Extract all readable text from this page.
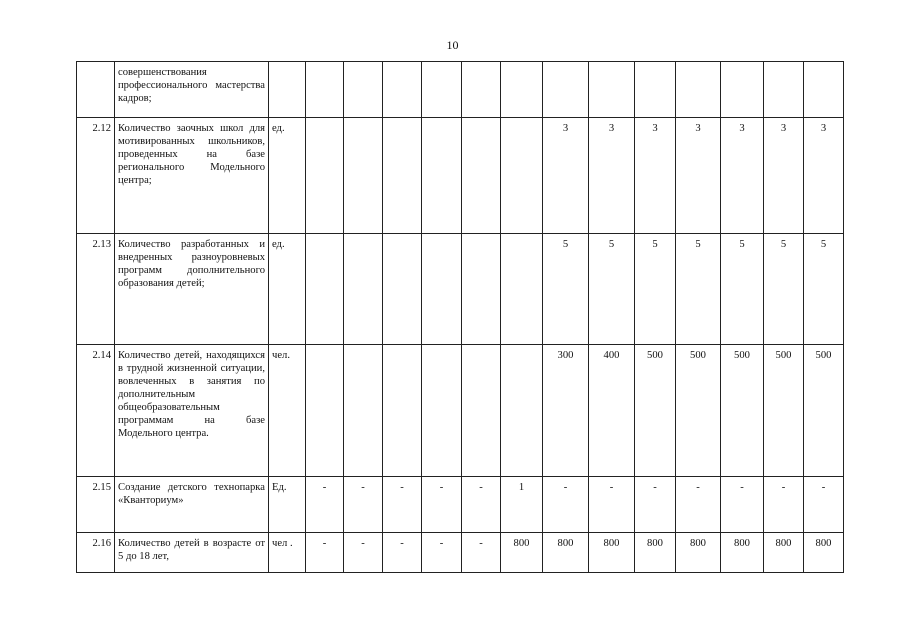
10
	совершенствования профессионального мастерства кадров;														
2.12	Количество заочных школ для мотивированных школьников, проведенных на базе регионального Модельного центра;	ед.							3	3	3	3	3	3	3
2.13	Количество разработанных и внедренных разноуровневых программ дополнительного образования детей;	ед.							5	5	5	5	5	5	5
2.14	Количество детей, находящихся в трудной жизненной ситуации, вовлеченных в занятия по дополнительным общеобразовательным программам на базе Модельного центра.	чел.							300	400	500	500	500	500	500
2.15	Создание детского технопарка «Кванториум»	Ед.	-	-	-	-	-	1	-	-	-	-	-	-	-
2.16	Количество детей в возрасте от 5 до 18 лет,	чел .	-	-	-	-	-	800	800	800	800	800	800	800	800
